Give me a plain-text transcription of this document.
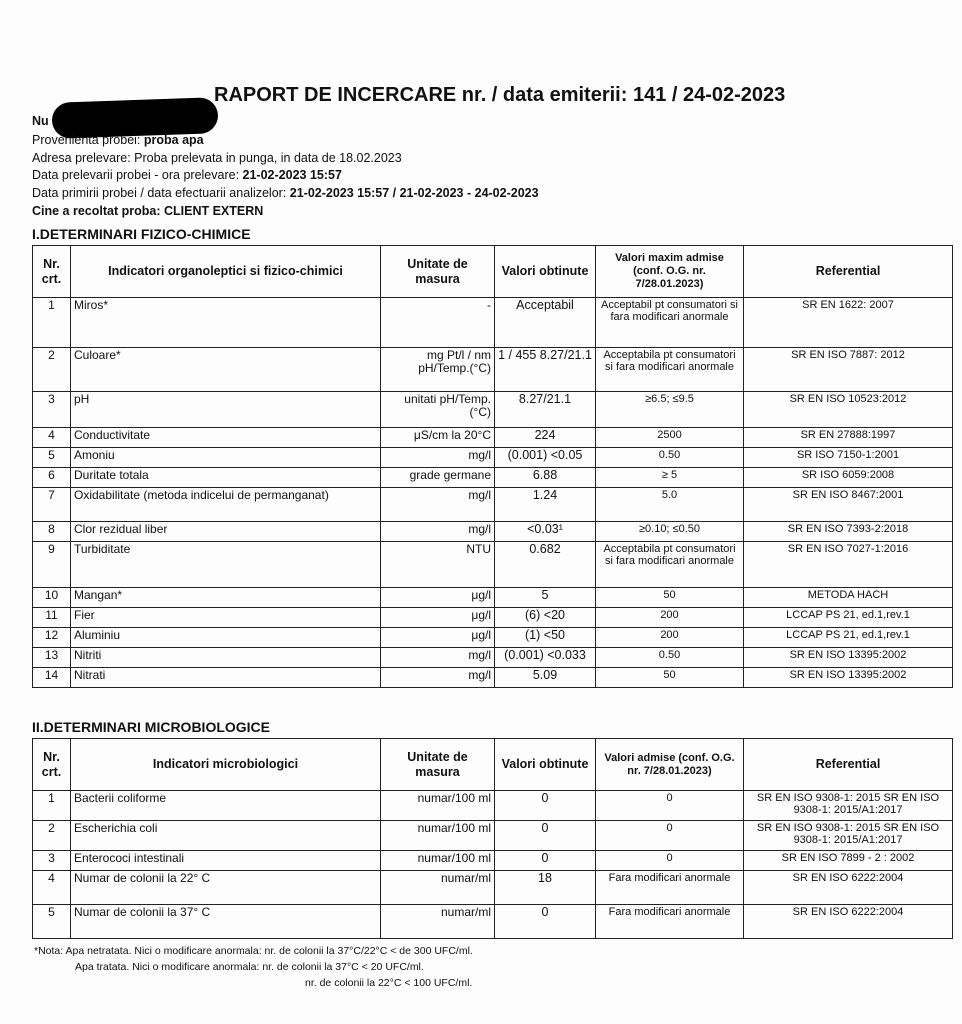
RAPORT DE INCERCARE nr. / data emiterii: 141 / 24-02-2023
Nu
Provenienta probei: proba apa
Adresa prelevare: Proba prelevata in punga, in data de 18.02.2023
Data prelevarii probei - ora prelevare: 21-02-2023 15:57
Data primirii probei / data efectuarii analizelor: 21-02-2023 15:57 / 21-02-2023 - 24-02-2023
Cine a recoltat proba: CLIENT EXTERN
I.DETERMINARI FIZICO-CHIMICE
Nr. crt.	Indicatori organoleptici si fizico-chimici	Unitate de masura	Valori obtinute	Valori maxim admise (conf. O.G. nr. 7/28.01.2023)	Referential
1	Miros*	-	Acceptabil	Acceptabil pt consumatori si fara modificari anormale	SR EN 1622: 2007
2	Culoare*	mg Pt/l / nm pH/Temp.(°C)	1 / 455 8.27/21.1	Acceptabila pt consumatori si fara modificari anormale	SR EN ISO 7887: 2012
3	pH	unitati pH/Temp.(°C)	8.27/21.1	≥6.5; ≤9.5	SR EN ISO 10523:2012
4	Conductivitate	μS/cm la 20°C	224	2500	SR EN 27888:1997
5	Amoniu	mg/l	(0.001) <0.05	0.50	SR ISO 7150-1:2001
6	Duritate totala	grade germane	6.88	≥ 5	SR ISO 6059:2008
7	Oxidabilitate (metoda indicelui de permanganat)	mg/l	1.24	5.0	SR EN ISO 8467:2001
8	Clor rezidual liber	mg/l	<0.03¹	≥0.10; ≤0.50	SR EN ISO 7393-2:2018
9	Turbiditate	NTU	0.682	Acceptabila pt consumatori si fara modificari anormale	SR EN ISO 7027-1:2016
10	Mangan*	μg/l	5	50	METODA HACH
11	Fier	μg/l	(6) <20	200	LCCAP PS 21, ed.1,rev.1
12	Aluminiu	μg/l	(1) <50	200	LCCAP PS 21, ed.1,rev.1
13	Nitriti	mg/l	(0.001) <0.033	0.50	SR EN ISO 13395:2002
14	Nitrati	mg/l	5.09	50	SR EN ISO 13395:2002
II.DETERMINARI MICROBIOLOGICE
Nr. crt.	Indicatori microbiologici	Unitate de masura	Valori obtinute	Valori admise (conf. O.G. nr. 7/28.01.2023)	Referential
1	Bacterii coliforme	numar/100 ml	0	0	SR EN ISO 9308-1: 2015 SR EN ISO 9308-1: 2015/A1:2017
2	Escherichia coli	numar/100 ml	0	0	SR EN ISO 9308-1: 2015 SR EN ISO 9308-1: 2015/A1:2017
3	Enterococi intestinali	numar/100 ml	0	0	SR EN ISO 7899 - 2 : 2002
4	Numar de colonii la 22° C	numar/ml	18	Fara modificari anormale	SR EN ISO 6222:2004
5	Numar de colonii la 37° C	numar/ml	0	Fara modificari anormale	SR EN ISO 6222:2004
*Nota: Apa netratata. Nici o modificare anormala: nr. de colonii la 37°C/22°C < de 300 UFC/ml.
Apa tratata. Nici o modificare anormala: nr. de colonii la 37°C < 20 UFC/ml.
nr. de colonii la 22°C < 100 UFC/ml.
